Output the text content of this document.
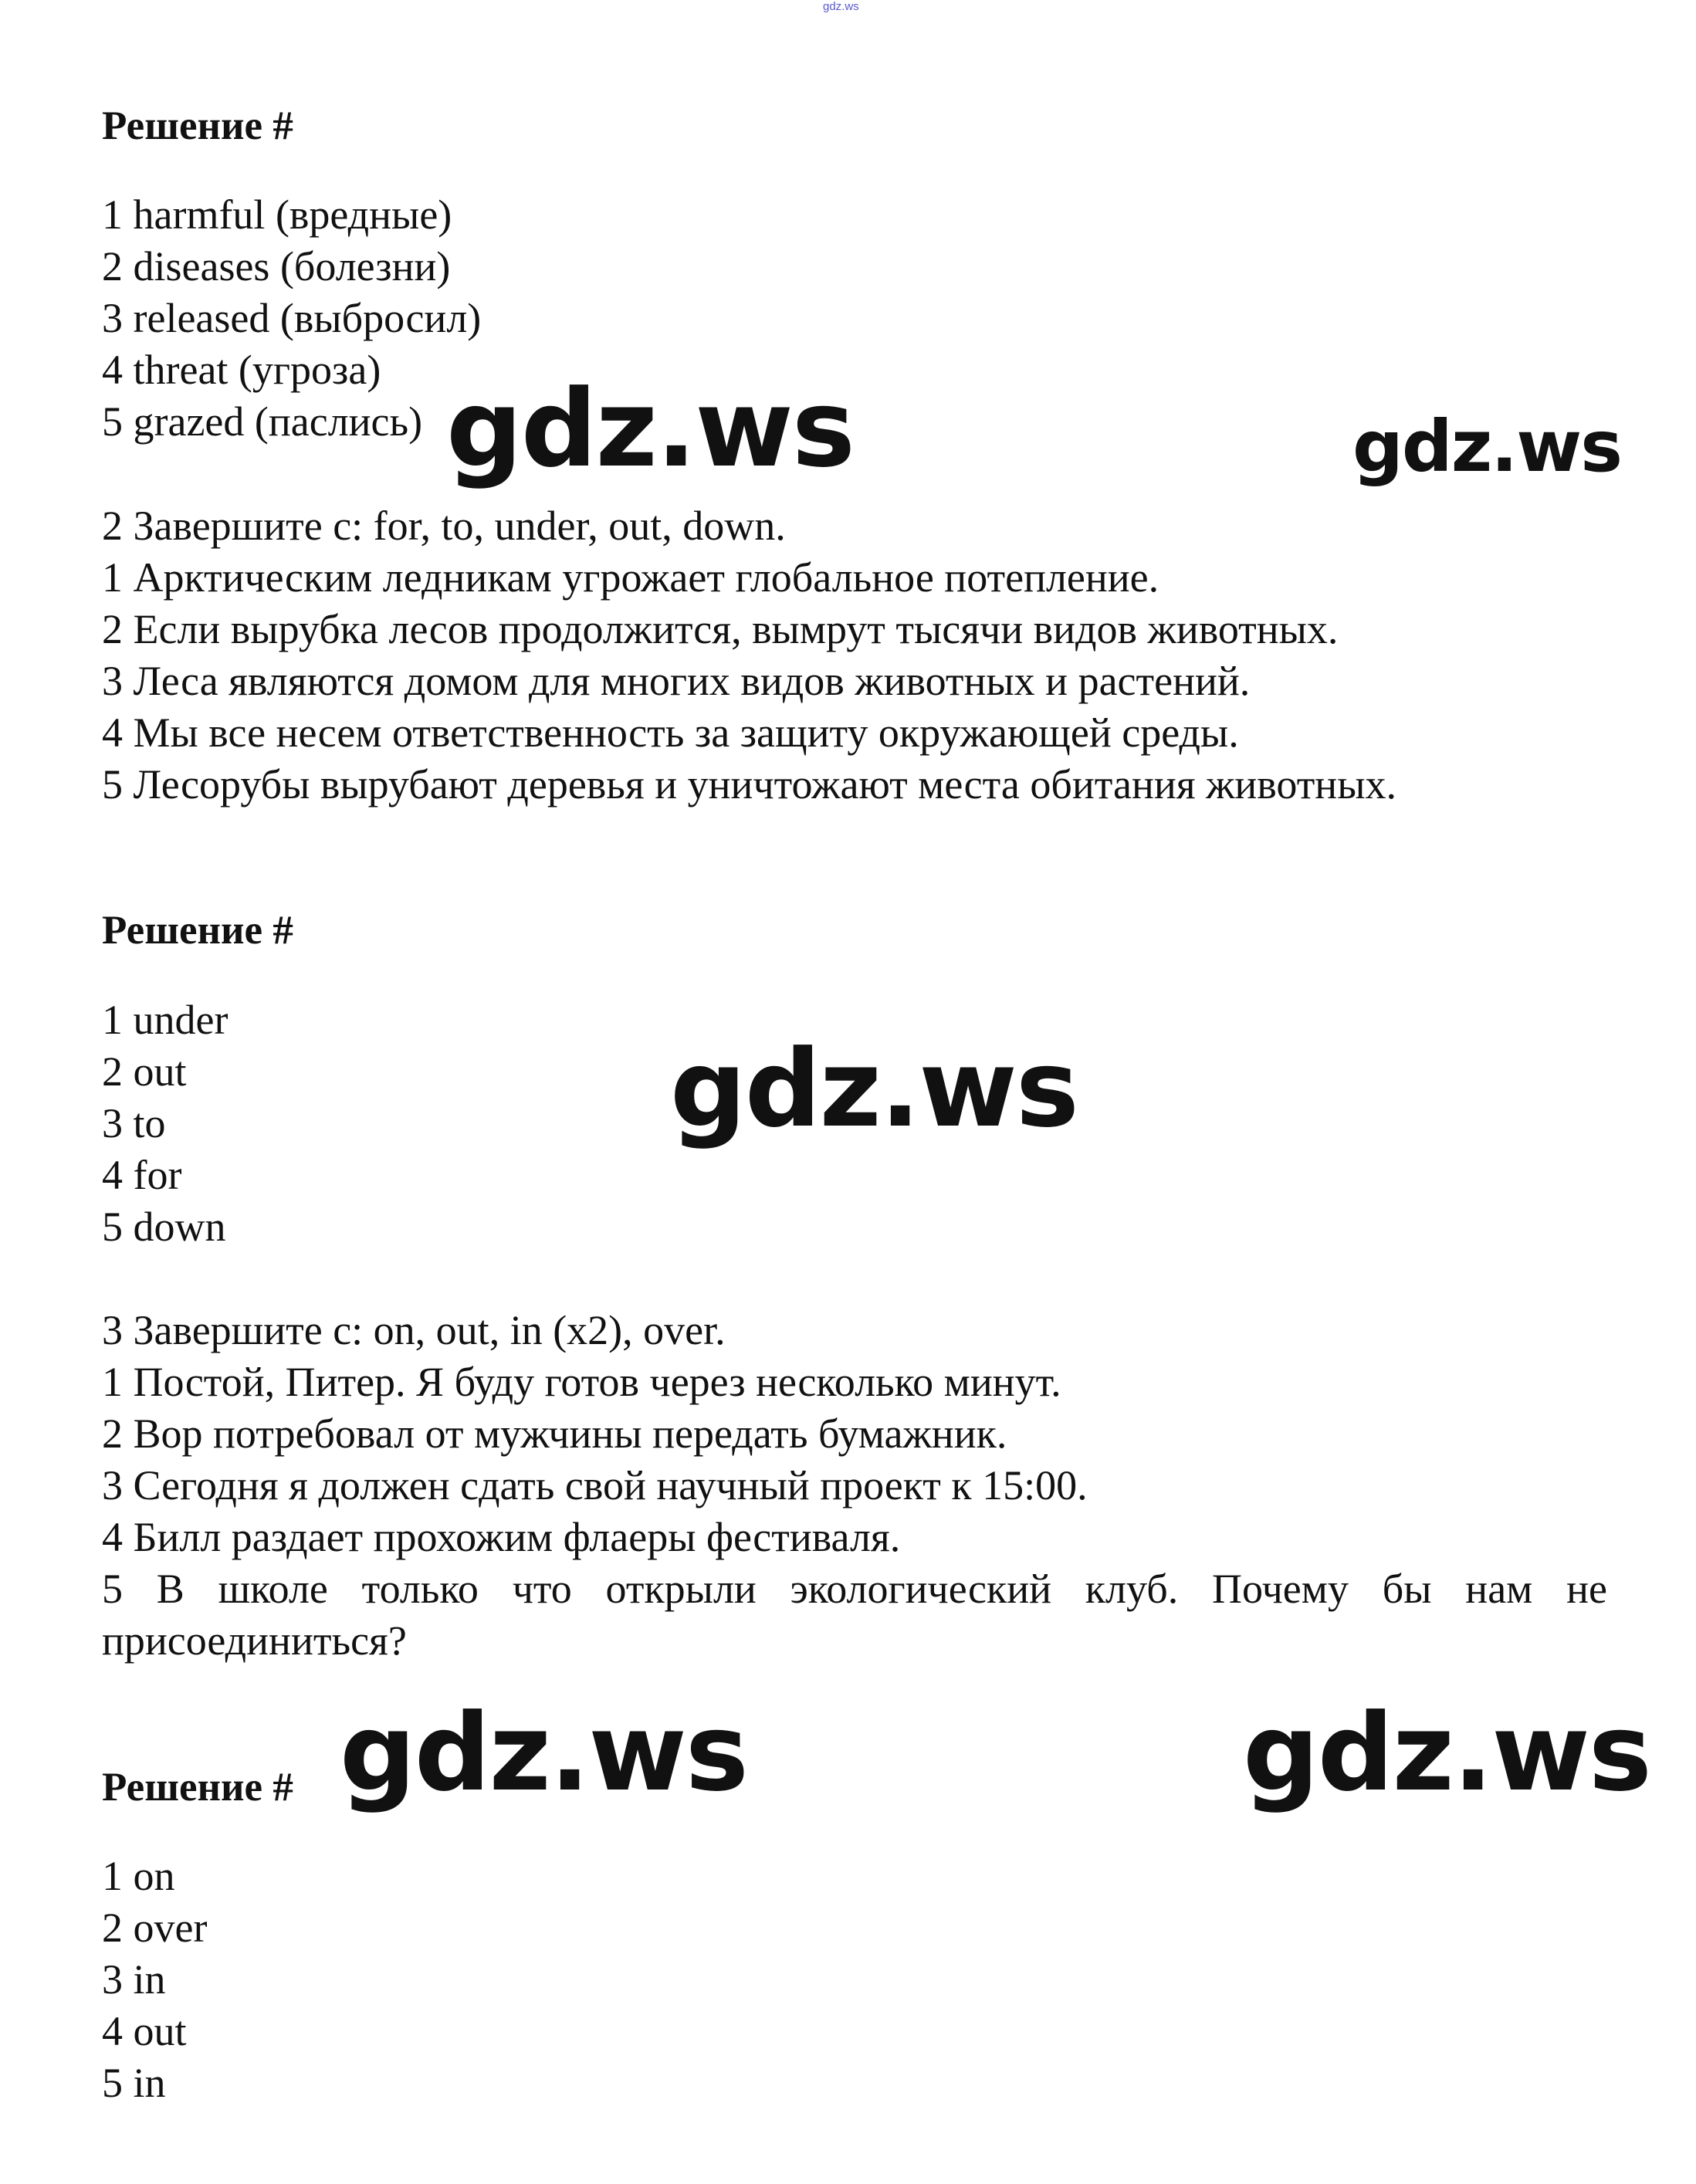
gdz.ws
Решение #
1 harmful (вредные)
2 diseases (болезни)
3 released (выбросил)
4 threat (угроза)
5 grazed (паслись)
2 Завершите с: for, to, under, out, down.
1 Арктическим ледникам угрожает глобальное потепление.
2 Если вырубка лесов продолжится, вымрут тысячи видов животных.
3 Леса являются домом для многих видов животных и растений.
4 Мы все несем ответственность за защиту окружающей среды.
5 Лесорубы вырубают деревья и уничтожают места обитания животных.
Решение #
1 under
2 out
3 to
4 for
5 down
3 Завершите с: on, out, in (x2), over.
1 Постой, Питер. Я буду готов через несколько минут.
2 Вор потребовал от мужчины передать бумажник.
3 Сегодня я должен сдать свой научный проект к 15:00.
4 Билл раздает прохожим флаеры фестиваля.
5 В школе только что открыли экологический клуб. Почему бы нам не
присоединиться?
Решение #
1 on
2 over
3 in
4 out
5 in
gdz.ws	gdz.ws
gdz.ws
gdz.ws	gdz.ws
